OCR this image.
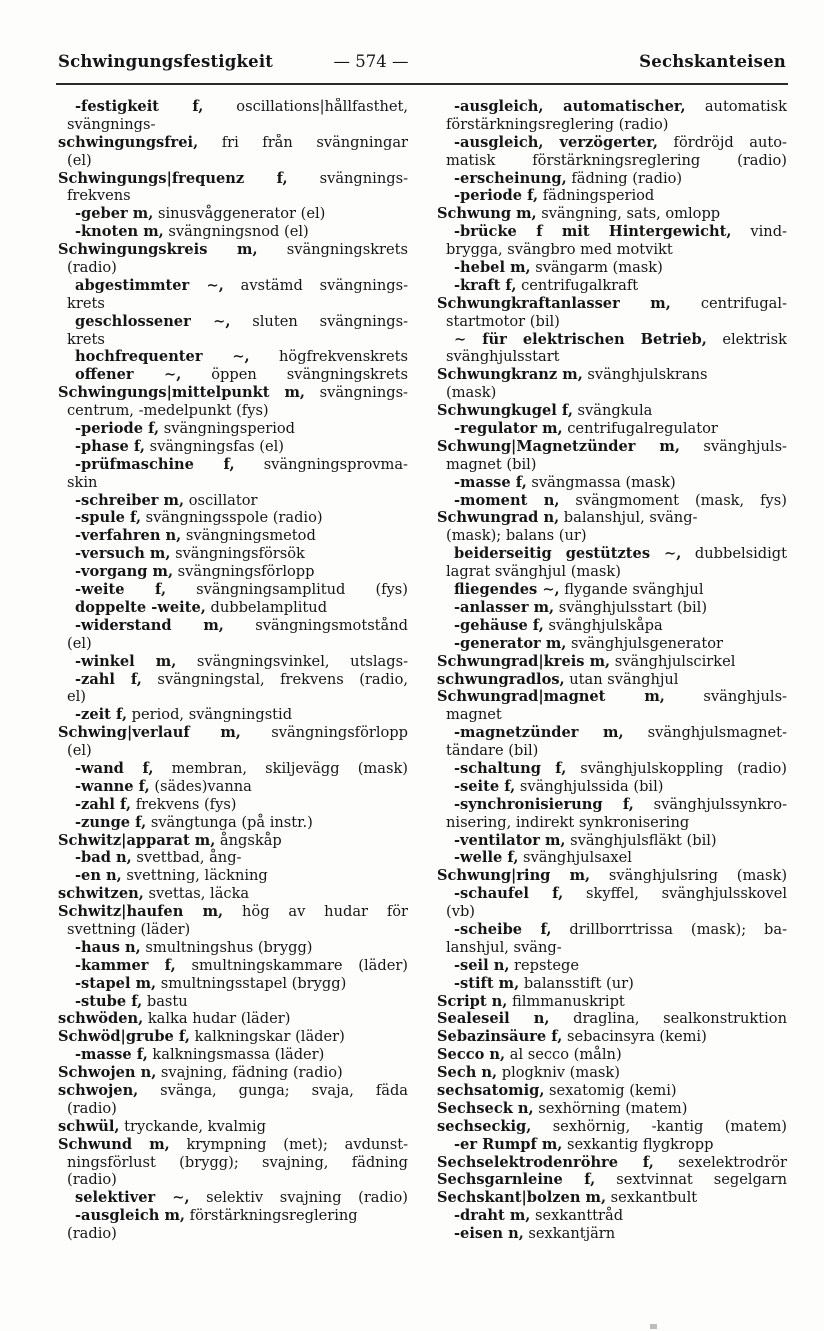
Schwingungsfestigkeit	— 574 —	Sechskanteisen
-festigkeit f, oscillations|hållfasthet,
svängnings-
schwingungsfrei, fri från svängningar
(el)
Schwingungs|frequenz f, svängnings-
frekvens
-geber m, sinusvåggenerator (el)
-knoten m, svängningsnod (el)
Schwingungskreis m, svängningskrets
(radio)
abgestimmter ∼, avstämd svängnings-
krets
geschlossener ∼, sluten svängnings-
krets
hochfrequenter ∼, högfrekvenskrets
offener ∼, öppen svängningskrets
Schwingungs|mittelpunkt m, svängnings-
centrum, -medelpunkt (fys)
-periode f, svängningsperiod
-phase f, svängningsfas (el)
-prüfmaschine f, svängningsprovma-
skin
-schreiber m, oscillator
-spule f, svängningsspole (radio)
-verfahren n, svängningsmetod
-versuch m, svängningsförsök
-vorgang m, svängningsförlopp
-weite f, svängningsamplitud (fys)
doppelte -weite, dubbelamplitud
-widerstand m, svängningsmotstånd
(el)
-winkel m, svängningsvinkel, utslags-
-zahl f, svängningstal, frekvens (radio,
el)
-zeit f, period, svängningstid
Schwing|verlauf m, svängningsförlopp
(el)
-wand f, membran, skiljevägg (mask)
-wanne f, (sädes)vanna
-zahl f, frekvens (fys)
-zunge f, svängtunga (på instr.)
Schwitz|apparat m, ångskåp
-bad n, svettbad, ång-
-en n, svettning, läckning
schwitzen, svettas, läcka
Schwitz|haufen m, hög av hudar för
svettning (läder)
-haus n, smultningshus (brygg)
-kammer f, smultningskammare (läder)
-stapel m, smultningsstapel (brygg)
-stube f, bastu
schwöden, kalka hudar (läder)
Schwöd|grube f, kalkningskar (läder)
-masse f, kalkningsmassa (läder)
Schwojen n, svajning, fädning (radio)
schwojen, svänga, gunga; svaja, fäda
(radio)
schwül, tryckande, kvalmig
Schwund m, krympning (met); avdunst-
ningsförlust (brygg); svajning, fädning
(radio)
selektiver ∼, selektiv svajning (radio)
-ausgleich m, förstärkningsreglering
(radio)
-ausgleich, automatischer, automatisk
förstärkningsreglering (radio)
-ausgleich, verzögerter, fördröjd auto-
matisk förstärkningsreglering (radio)
-erscheinung, fädning (radio)
-periode f, fädningsperiod
Schwung m, svängning, sats, omlopp
-brücke f mit Hintergewicht, vind-
brygga, svängbro med motvikt
-hebel m, svängarm (mask)
-kraft f, centrifugalkraft
Schwungkraftanlasser m, centrifugal-
startmotor (bil)
∼ für elektrischen Betrieb, elektrisk
svänghjulsstart
Schwungkranz m, svänghjulskrans
(mask)
Schwungkugel f, svängkula
-regulator m, centrifugalregulator
Schwung|Magnetzünder m, svänghjuls-
magnet (bil)
-masse f, svängmassa (mask)
-moment n, svängmoment (mask, fys)
Schwungrad n, balanshjul, sväng-
(mask); balans (ur)
beiderseitig gestütztes ∼, dubbelsidigt
lagrat svänghjul (mask)
fliegendes ∼, flygande svänghjul
-anlasser m, svänghjulsstart (bil)
-gehäuse f, svänghjulskåpa
-generator m, svänghjulsgenerator
Schwungrad|kreis m, svänghjulscirkel
schwungradlos, utan svänghjul
Schwungrad|magnet m, svänghjuls-
magnet
-magnetzünder m, svänghjulsmagnet-
tändare (bil)
-schaltung f, svänghjulskoppling (radio)
-seite f, svänghjulssida (bil)
-synchronisierung f, svänghjulssynkro-
nisering, indirekt synkronisering
-ventilator m, svänghjulsfläkt (bil)
-welle f, svänghjulsaxel
Schwung|ring m, svänghjulsring (mask)
-schaufel f, skyffel, svänghjulsskovel
(vb)
-scheibe f, drillborrtrissa (mask); ba-
lanshjul, sväng-
-seil n, repstege
-stift m, balansstift (ur)
Script n, filmmanuskript
Sealeseil n, draglina, sealkonstruktion
Sebazinsäure f, sebacinsyra (kemi)
Secco n, al secco (måln)
Sech n, plogkniv (mask)
sechsatomig, sexatomig (kemi)
Sechseck n, sexhörning (matem)
sechseckig, sexhörnig, -kantig (matem)
-er Rumpf m, sexkantig flygkropp
Sechselektrodenröhre f, sexelektrodrör
Sechsgarnleine f, sextvinnat segelgarn
Sechskant|bolzen m, sexkantbult
-draht m, sexkanttråd
-eisen n, sexkantjärn
